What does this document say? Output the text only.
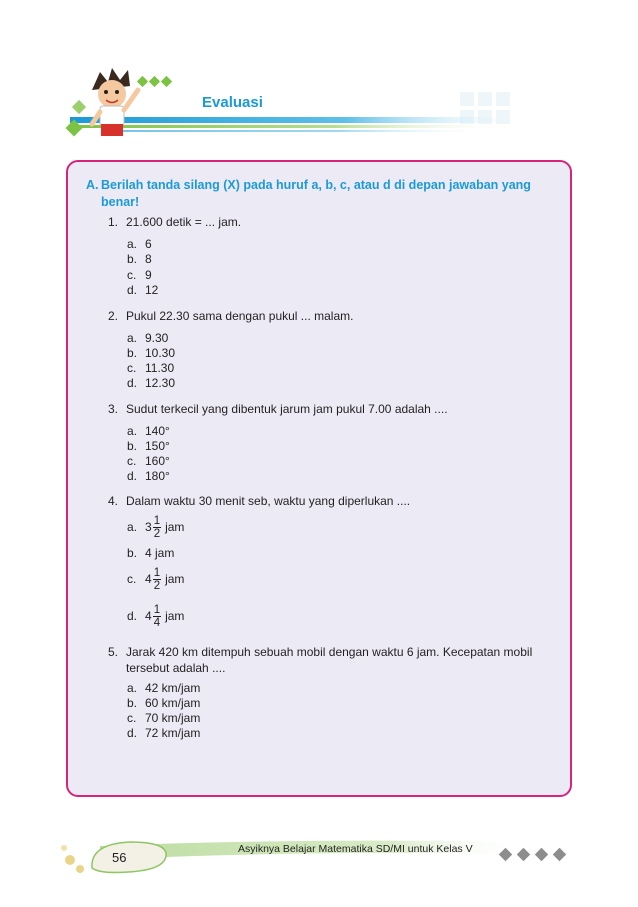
Evaluasi
A. Berilah tanda silang (X) pada huruf a, b, c, atau d di depan jawaban yang benar!
1. 21.600 detik = ... jam.
a. 6
b. 8
c. 9
d. 12
2. Pukul 22.30 sama dengan pukul ... malam.
a. 9.30
b. 10.30
c. 11.30
d. 12.30
3. Sudut terkecil yang dibentuk jarum jam pukul 7.00 adalah ....
a. 140°
b. 150°
c. 160°
d. 180°
4. Dalam waktu 30 menit seb, waktu yang diperlukan ....
a. $3 \frac{1}{2}$ jam
b. 4 jam
c. $4 \frac{1}{2}$ jam
d. $4 \frac{1}{4}$ jam
5. Jarak 420 km ditempuh sebuah mobil dengan waktu 6 jam. Kecepatan mobil tersebut adalah ....
a. 42 km/jam
b. 60 km/jam
c. 70 km/jam
d. 72 km/jam
Asyiknya Belajar Matematika SD/MI untuk Kelas V
56
